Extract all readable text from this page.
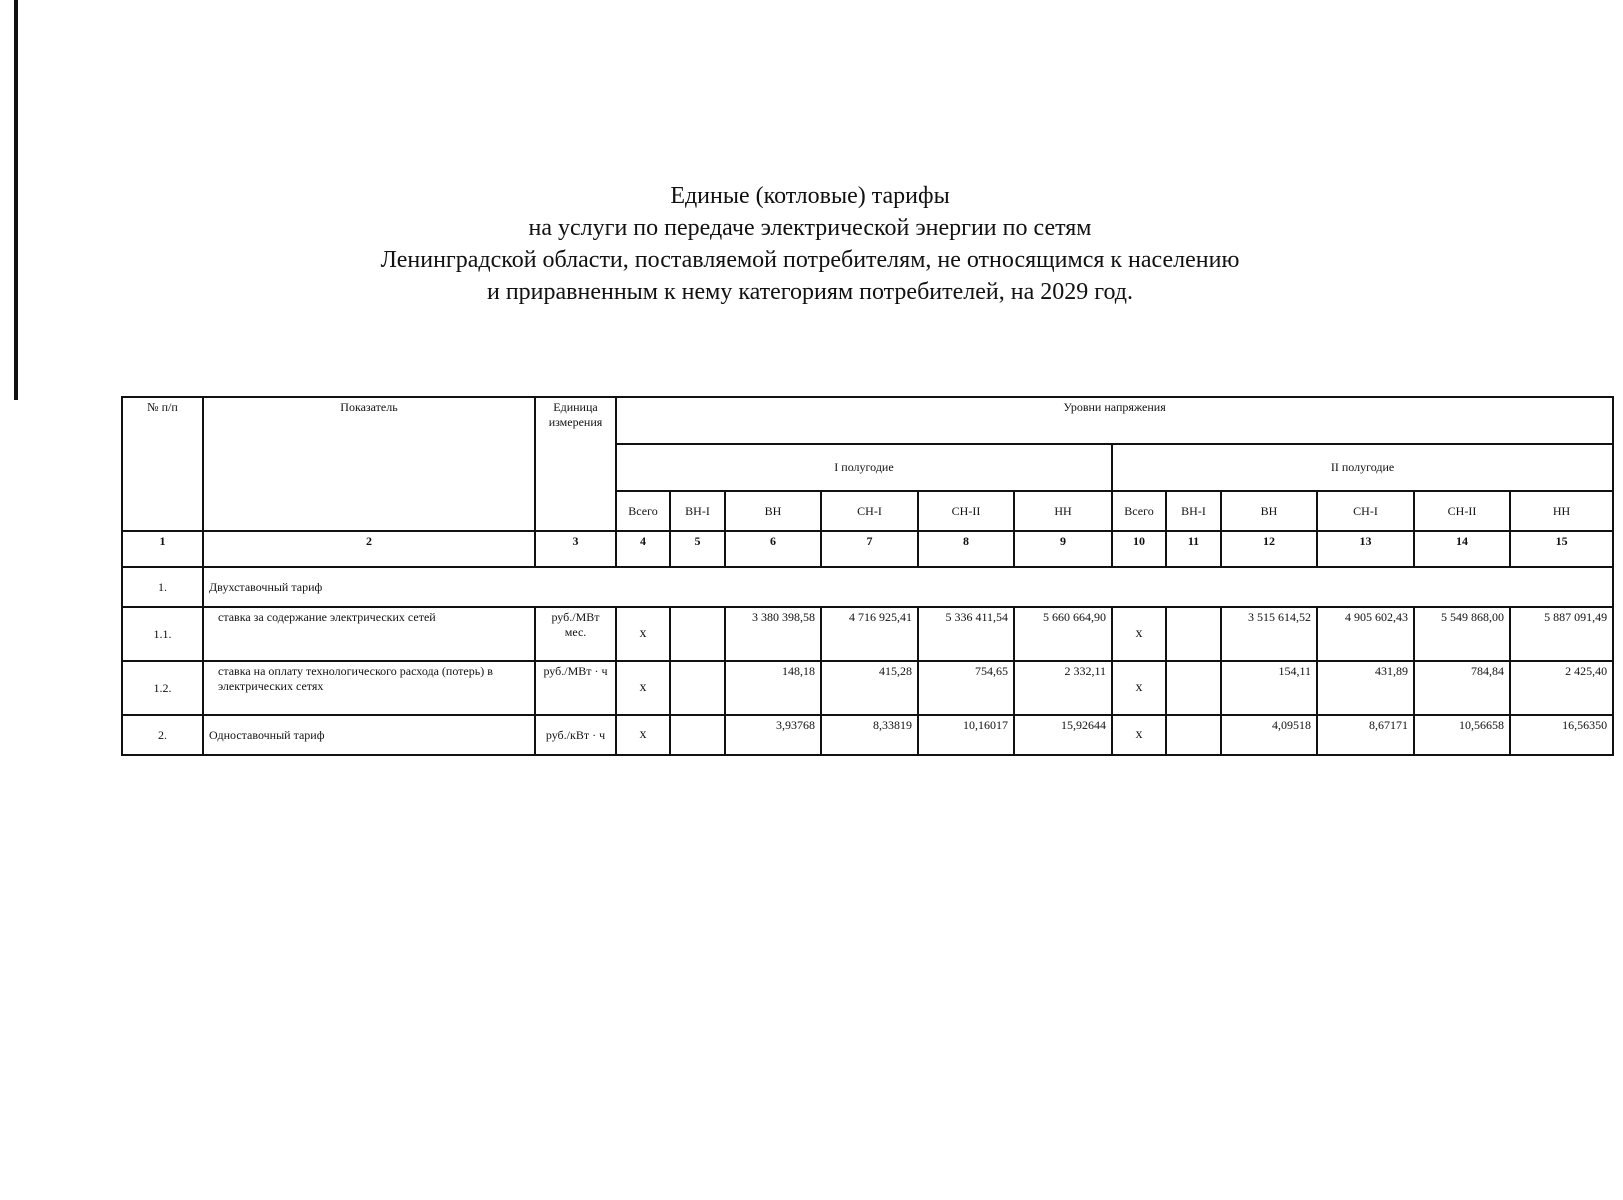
Единые (котловые) тарифы
на услуги по передаче электрической энергии по сетям
Ленинградской области, поставляемой потребителям, не относящимся к населению
и приравненным к нему категориям потребителей, на 2029 год.
№ п/п	Показатель	Единица измерения	Уровни напряжения											
			I полугодие						II полугодие					
			Всего	ВН-I	ВН	СН-I	СН-II	НН	Всего	ВН-I	ВН	СН-I	СН-II	НН
1	2	3	4	5	6	7	8	9	10	11	12	13	14	15
1.	Двухставочный тариф													
1.1.	ставка за содержание электрических сетей	руб./МВт мес.	х		3 380 398,58	4 716 925,41	5 336 411,54	5 660 664,90	х		3 515 614,52	4 905 602,43	5 549 868,00	5 887 091,49
1.2.	ставка на оплату технологического расхода (потерь) в электрических сетях	руб./МВт · ч	х		148,18	415,28	754,65	2 332,11	х		154,11	431,89	784,84	2 425,40
2.	Одноставочный тариф	руб./кВт · ч	х		3,93768	8,33819	10,16017	15,92644	х		4,09518	8,67171	10,56658	16,56350
